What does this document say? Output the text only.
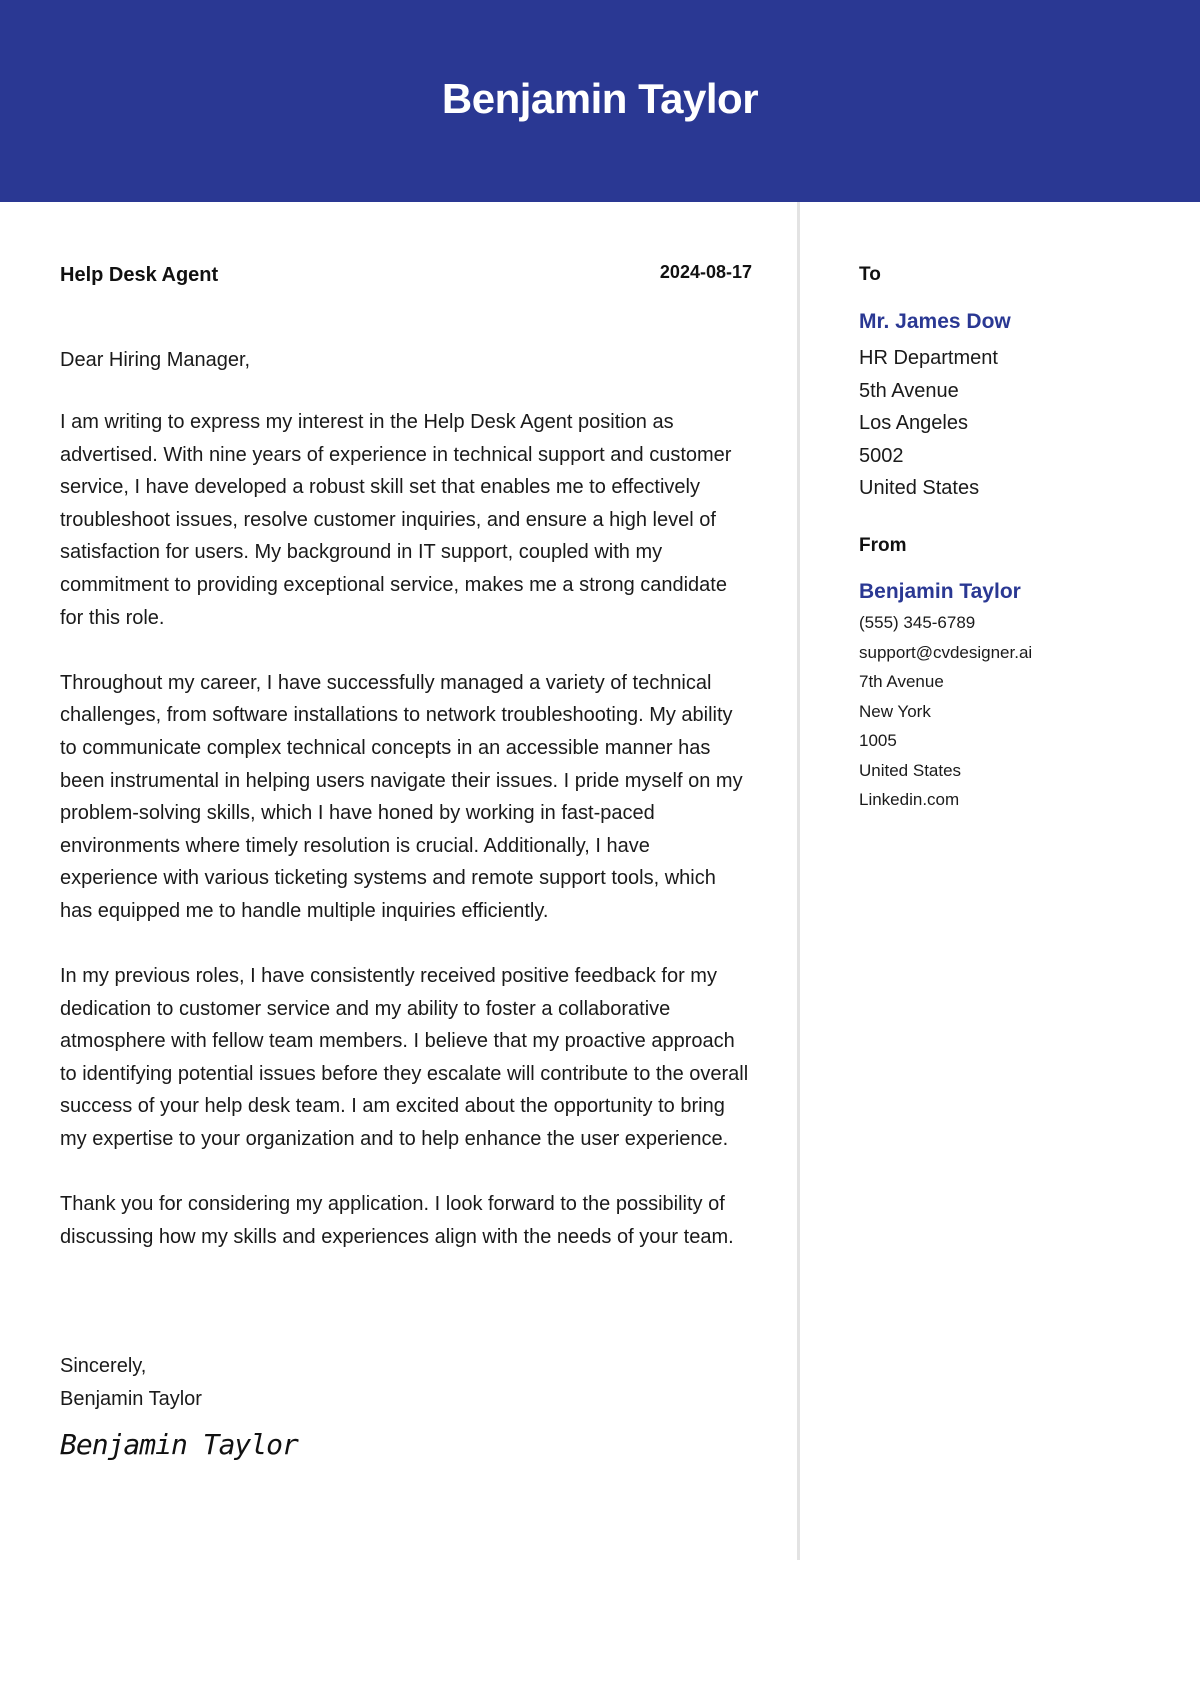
Benjamin Taylor
Help Desk Agent	2024-08-17
Dear Hiring Manager,

I am writing to express my interest in the Help Desk Agent position as advertised. With nine years of experience in technical support and customer service, I have developed a robust skill set that enables me to effectively troubleshoot issues, resolve customer inquiries, and ensure a high level of satisfaction for users. My background in IT support, coupled with my commitment to providing exceptional service, makes me a strong candidate for this role.

Throughout my career, I have successfully managed a variety of technical challenges, from software installations to network troubleshooting. My ability to communicate complex technical concepts in an accessible manner has been instrumental in helping users navigate their issues. I pride myself on my problem-solving skills, which I have honed by working in fast-paced environments where timely resolution is crucial. Additionally, I have experience with various ticketing systems and remote support tools, which has equipped me to handle multiple inquiries efficiently.

In my previous roles, I have consistently received positive feedback for my dedication to customer service and my ability to foster a collaborative atmosphere with fellow team members. I believe that my proactive approach to identifying potential issues before they escalate will contribute to the overall success of your help desk team. I am excited about the opportunity to bring my expertise to your organization and to help enhance the user experience.

Thank you for considering my application. I look forward to the possibility of discussing how my skills and experiences align with the needs of your team.

Sincerely,
Benjamin Taylor
Benjamin Taylor
To
Mr. James Dow
HR Department
5th Avenue
Los Angeles
5002
United States
From
Benjamin Taylor
(555) 345-6789
support@cvdesigner.ai
7th Avenue
New York
1005
United States
Linkedin.com
